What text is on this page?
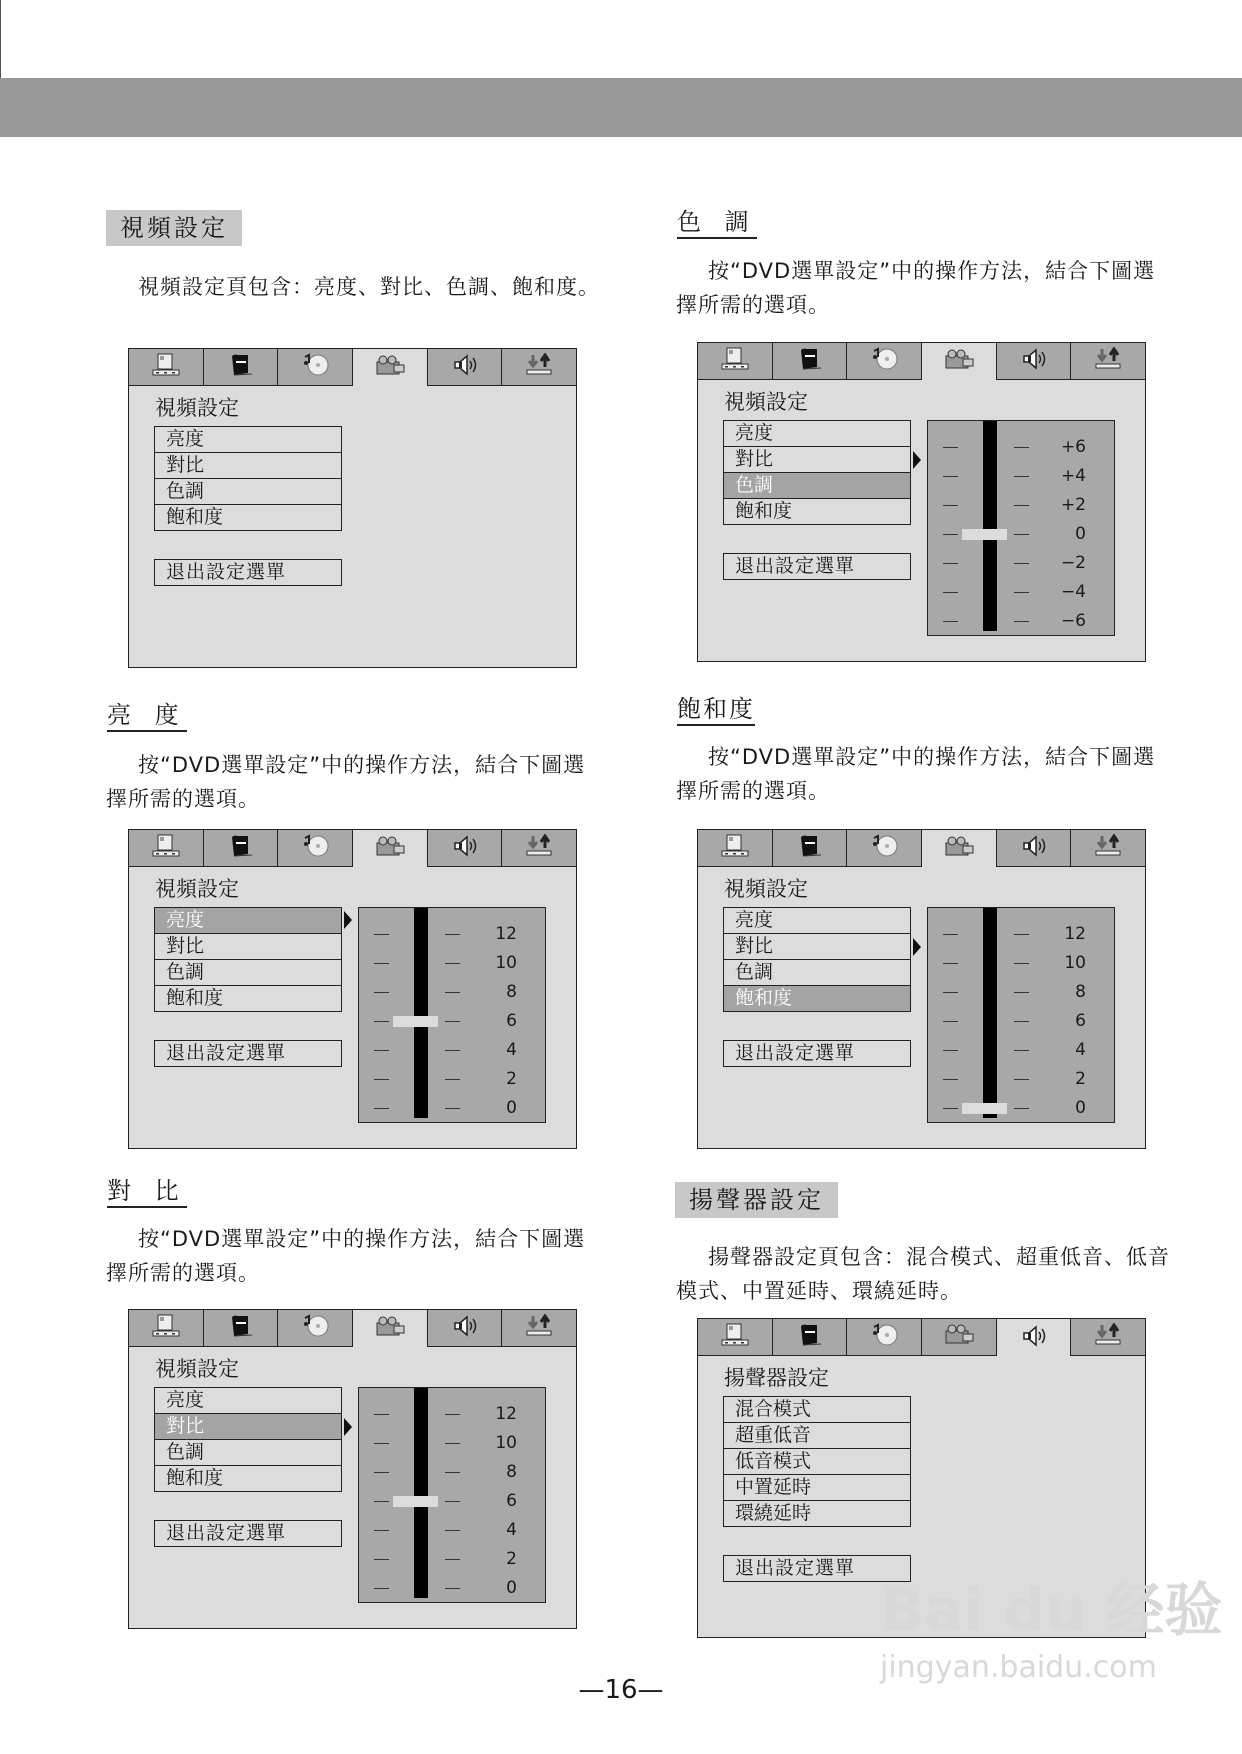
視頻設定
視頻設定頁包含：亮度、對比、色調、飽和度。
亮 度
按“DVD選單設定”中的操作方法，結合下圖選擇所需的選項。
對 比
按“DVD選單設定”中的操作方法，結合下圖選擇所需的選項。
色 調
按“DVD選單設定”中的操作方法，結合下圖選擇所需的選項。
飽和度
按“DVD選單設定”中的操作方法，結合下圖選擇所需的選項。
揚聲器設定
揚聲器設定頁包含：混合模式、超重低音、低音模式、中置延時、環繞延時。
視頻設定
亮度
對比
色調
飽和度
退出設定選單
視頻設定
亮度
對比
色調
飽和度
退出設定選單
12
10
8
6
4
2
0
視頻設定
亮度
對比
色調
飽和度
退出設定選單
12
10
8
6
4
2
0
視頻設定
亮度
對比
色調
飽和度
退出設定選單
+6
+4
+2
0
−2
−4
−6
視頻設定
亮度
對比
色調
飽和度
退出設定選單
12
10
8
6
4
2
0
揚聲器設定
混合模式
超重低音
低音模式
中置延時
環繞延時
退出設定選單
Bai du 经验
jingyan.baidu.com
—16—
